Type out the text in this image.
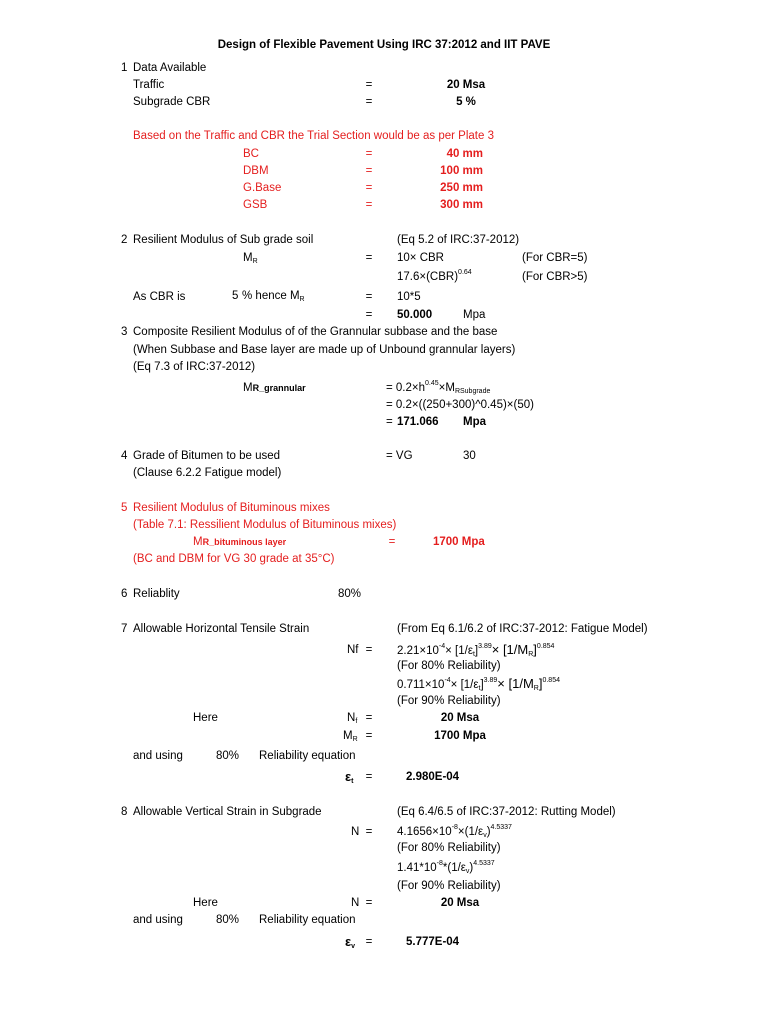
Design of Flexible Pavement Using IRC 37:2012 and IIT PAVE
1 Data Available
Traffic	=	20 Msa
Subgrade CBR	=	5 %
Based on the Traffic and CBR the Trial Section would be as per Plate 3
BC	=	40 mm
DBM	=	100 mm
G.Base	=	250 mm
GSB	=	300 mm
2 Resilient Modulus of Sub grade soil	(Eq 5.2 of IRC:37-2012)
$M_R$	= 10× CBR	(For CBR=5)
17.6×(CBR)$^{0.64}$	(For CBR>5)
As CBR is	5 % hence $M_R$	= 10*5
= 50.000	Mpa
3 Composite Resilient Modulus of of the Grannular subbase and the base
(When Subbase and Base layer are made up of Unbound grannular layers)
(Eq 7.3 of IRC:37-2012)
MR_grannular	= $0.2\times h^{0.45}\times M_{RSubgrade}$
= 0.2×((250+300)^0.45)×(50)
= 171.066 Mpa
4 Grade of Bitumen to be used	= VG	30
(Clause 6.2.2 Fatigue model)
5 Resilient Modulus of Bituminous mixes
(Table 7.1: Ressilient Modulus of Bituminous mixes)
MR_bituminous layer	=	1700 Mpa
(BC and DBM for VG 30 grade at 35°C)
6 Reliablity	80%
7 Allowable Horizontal Tensile Strain	(From Eq 6.1/6.2 of IRC:37-2012: Fatigue Model)
$Nf = 2.21\times 10^{-4}\times [1/\varepsilon_t]^{3.89}\times [1/M_R]^{0.854}$
(For 80% Reliability)
$0.711\times 10^{-4}\times [1/\varepsilon_t]^{3.89}\times [1/M_R]^{0.854}$
(For 90% Reliability)
Here	$N_f$ =	20 Msa
$M_R$ =	1700 Mpa
and using	80% Reliability equation
$\varepsilon_t$ =	2.980E-04
8 Allowable Vertical Strain in Subgrade	(Eq 6.4/6.5 of IRC:37-2012: Rutting Model)
$N = 4.1656\times 10^{-8}\times(1/\varepsilon_v)^{4.5337}$
(For 80% Reliability)
$1.41*10^{-8}*(1/\varepsilon_v)^{4.5337}$
(For 90% Reliability)
Here	N =	20 Msa
and using	80% Reliability equation
$\varepsilon_v$ =	5.777E-04
